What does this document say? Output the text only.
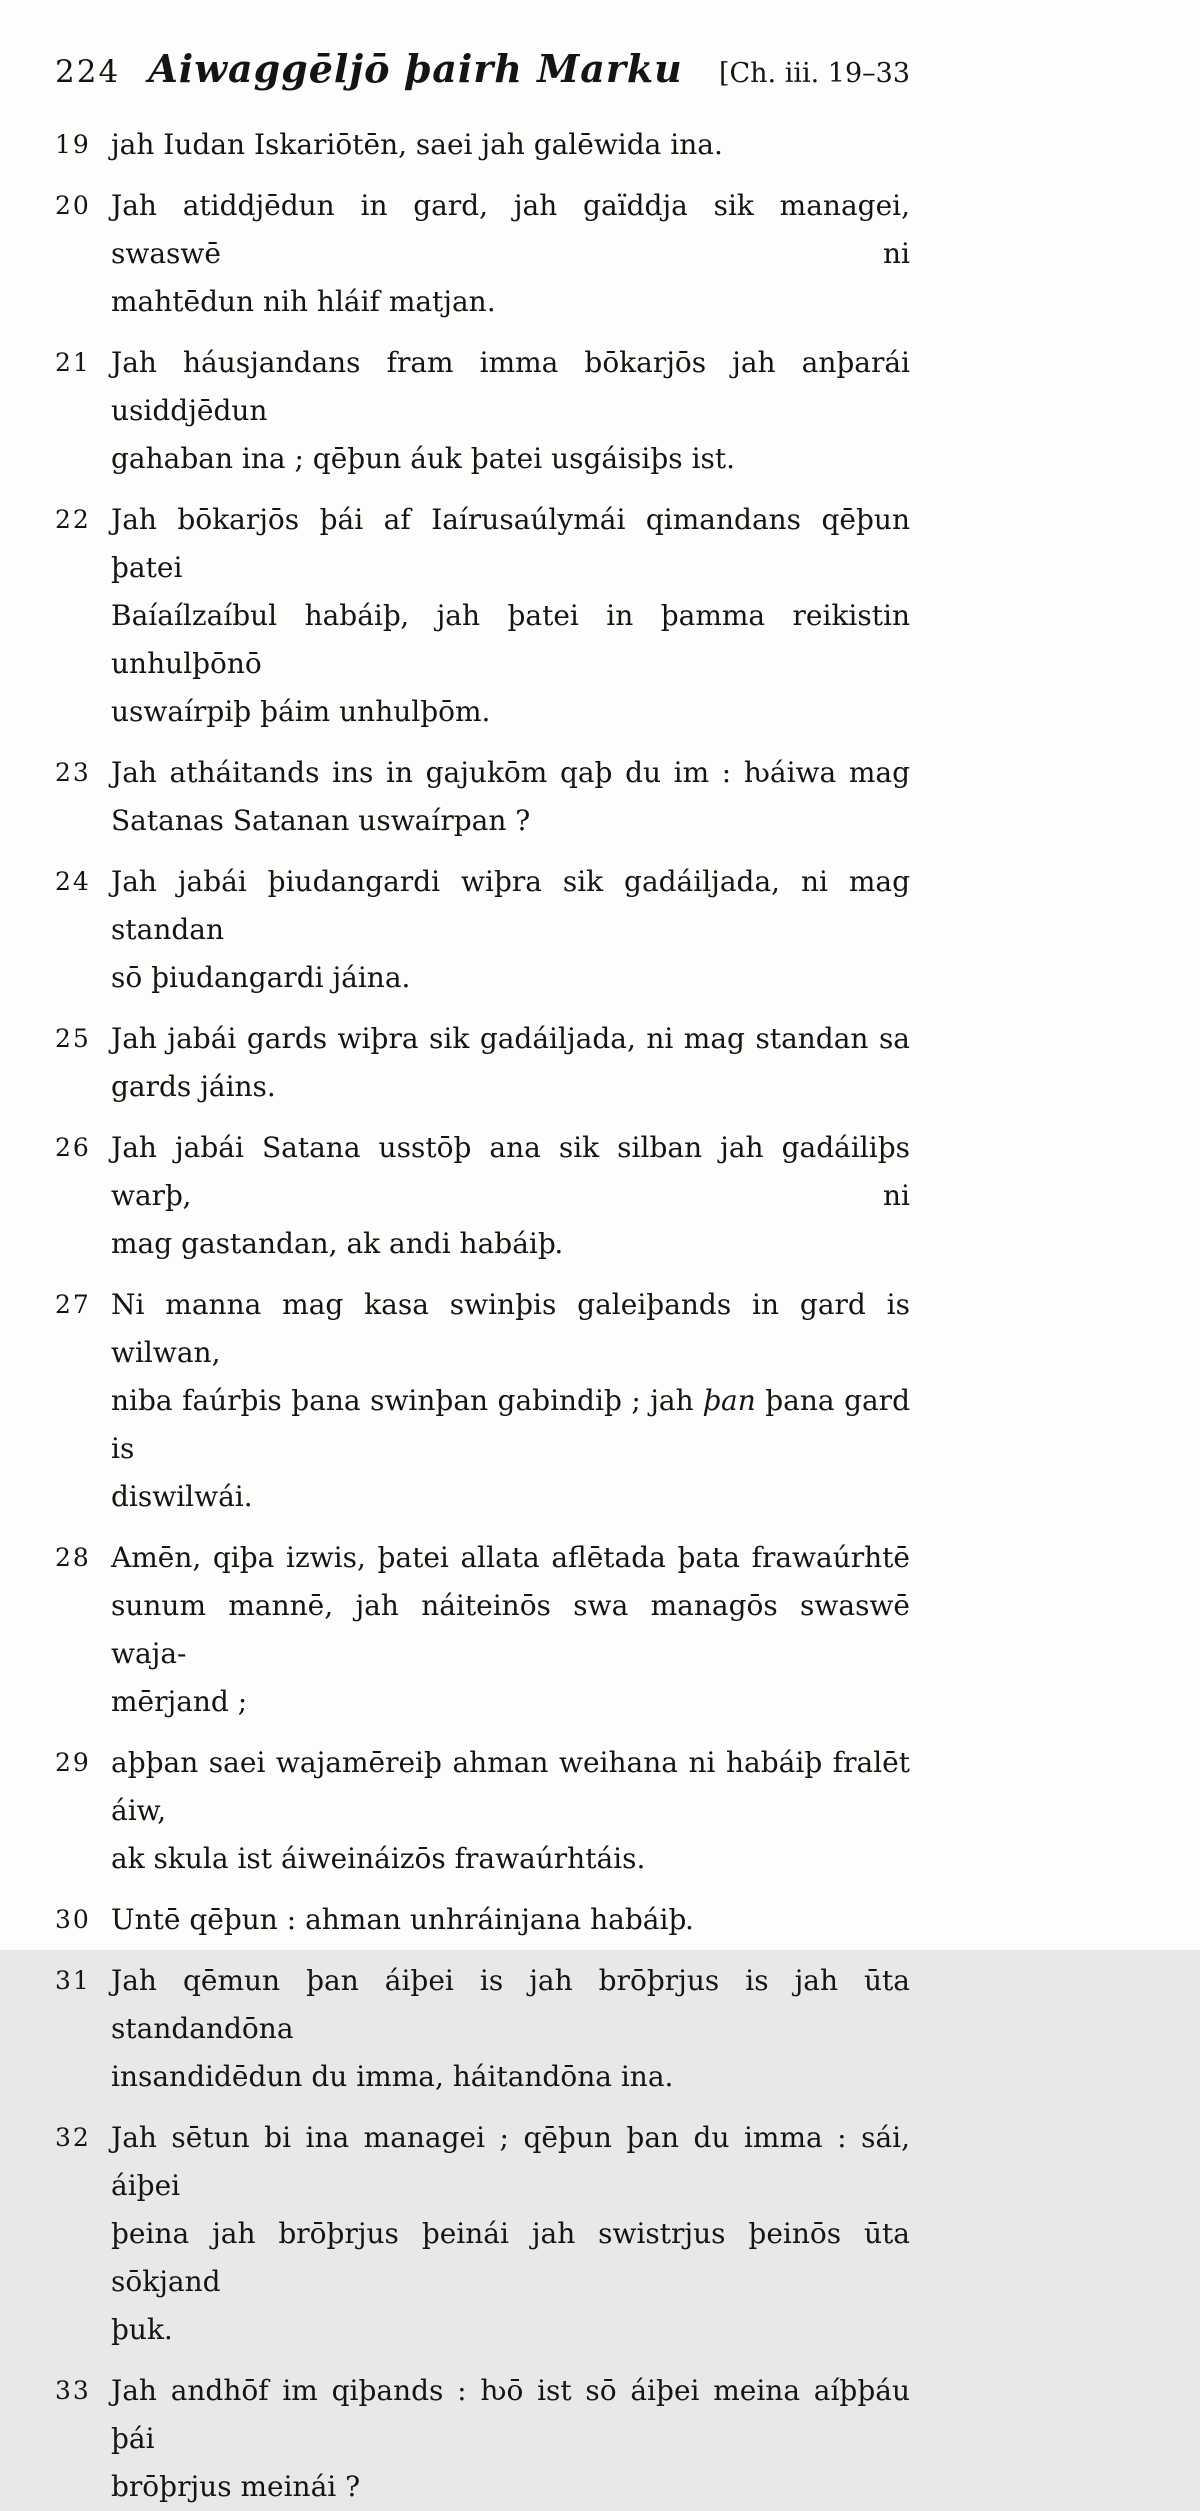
224 Aiwaggēljō þairh Marku	[Ch. iii. 19–33
19 jah Iudan Iskariōtēn, saei jah galēwida ina.
20 Jah atiddjēdun in gard, jah gaïddja sik managei, swaswē ni
mahtēdun nih hláif matjan.
21 Jah háusjandans fram imma bōkarjōs jah anþarái usiddjēdun
gahaban ina ; qēþun áuk þatei usgáisiþs ist.
22 Jah bōkarjōs þái af Iaírusaúlymái qimandans qēþun þatei
Baíaílzaíbul habáiþ, jah þatei in þamma reikistin unhulþōnō
uswaírpiþ þáim unhulþōm.
23 Jah atháitands ins in gajukōm qaþ du im : ƕáiwa mag
Satanas Satanan uswaírpan ?
24 Jah jabái þiudangardi wiþra sik gadáiljada, ni mag standan
sō þiudangardi jáina.
25 Jah jabái gards wiþra sik gadáiljada, ni mag standan sa
gards jáins.
26 Jah jabái Satana usstōþ ana sik silban jah gadáiliþs warþ, ni
mag gastandan, ak andi habáiþ.
27 Ni manna mag kasa swinþis galeiþands in gard is wilwan,
niba faúrþis þana swinþan gabindiþ ; jah þan þana gard is
diswilwái.
28 Amēn, qiþa izwis, þatei allata aflētada þata frawaúrhtē
sunum mannē, jah náiteinōs swa managōs swaswē waja-
mērjand ;
29 aþþan saei wajamēreiþ ahman weihana ni habáiþ fralēt áiw,
ak skula ist áiweináizōs frawaúrhtáis.
30 Untē qēþun : ahman unhráinjana habáiþ.
31 Jah qēmun þan áiþei is jah brōþrjus is jah ūta standandōna
insandidēdun du imma, háitandōna ina.
32 Jah sētun bi ina managei ; qēþun þan du imma : sái, áiþei
þeina jah brōþrjus þeinái jah swistrjus þeinōs ūta sōkjand
þuk.
33 Jah andhōf im qiþands : ƕō ist sō áiþei meina aíþþáu þái
brōþrjus meinái ?
